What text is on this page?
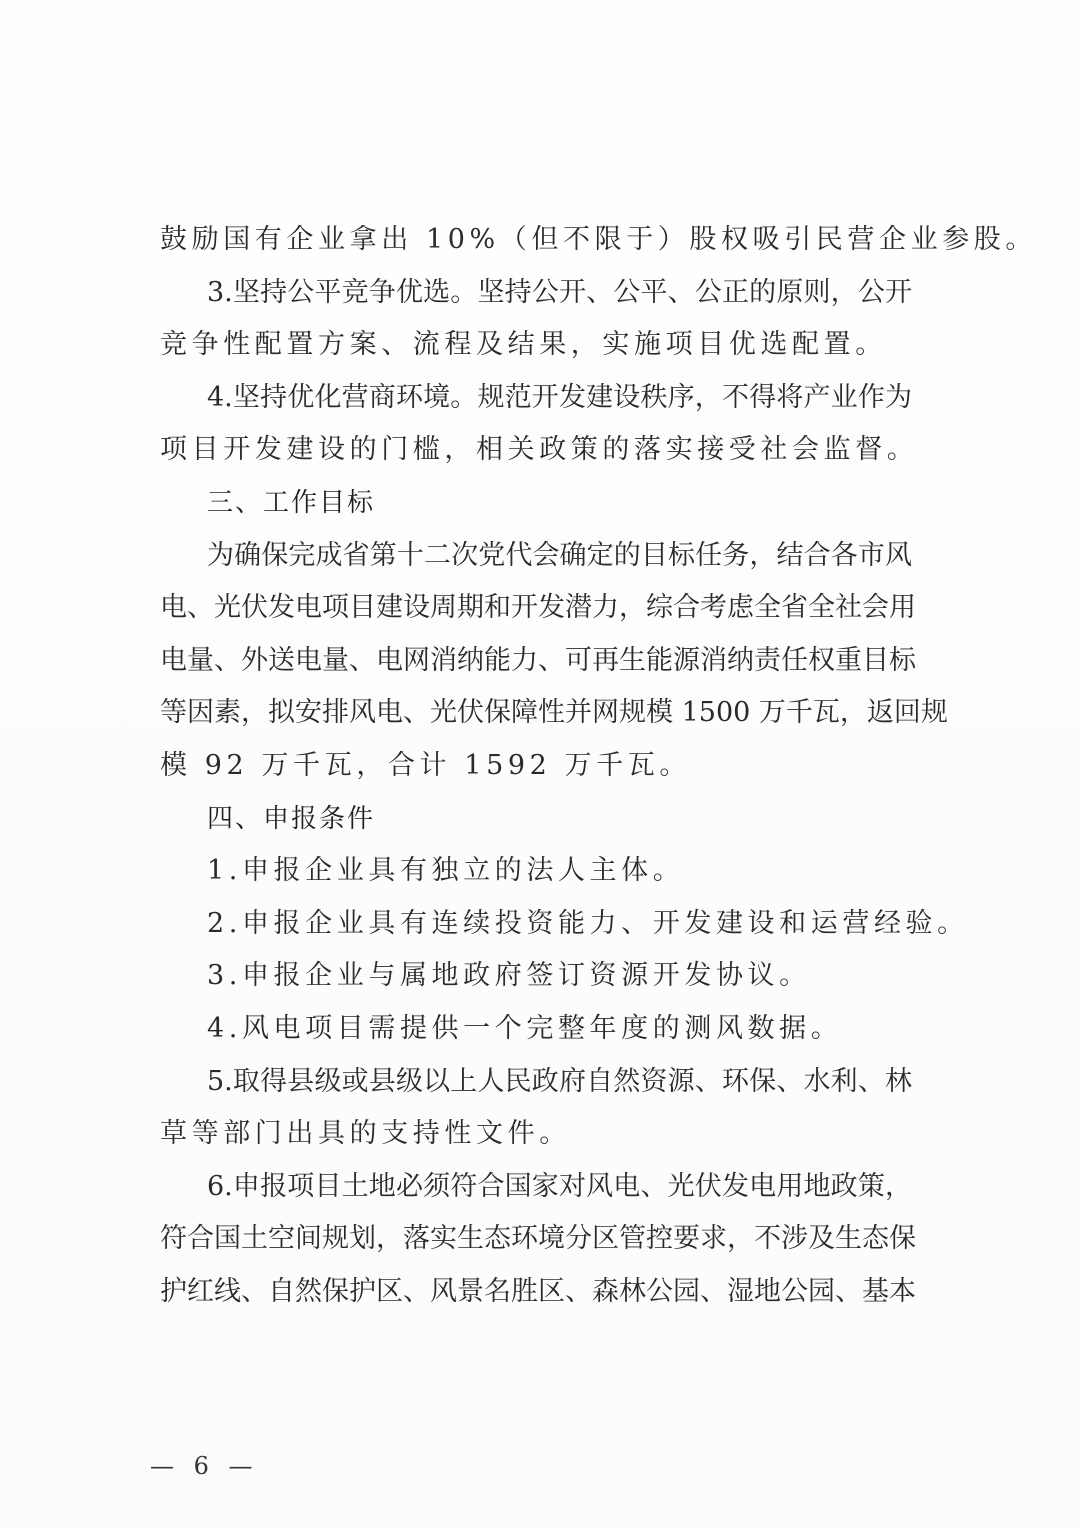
鼓励国有企业拿出 10%（但不限于）股权吸引民营企业参股。
3.坚持公平竞争优选。坚持公开、公平、公正的原则，公开
竞争性配置方案、流程及结果，实施项目优选配置。
4.坚持优化营商环境。规范开发建设秩序，不得将产业作为
项目开发建设的门槛，相关政策的落实接受社会监督。
三、工作目标
为确保完成省第十二次党代会确定的目标任务，结合各市风
电、光伏发电项目建设周期和开发潜力，综合考虑全省全社会用
电量、外送电量、电网消纳能力、可再生能源消纳责任权重目标
等因素，拟安排风电、光伏保障性并网规模 1500 万千瓦，返回规
模 92 万千瓦，合计 1592 万千瓦。
四、申报条件
1.申报企业具有独立的法人主体。
2.申报企业具有连续投资能力、开发建设和运营经验。
3.申报企业与属地政府签订资源开发协议。
4.风电项目需提供一个完整年度的测风数据。
5.取得县级或县级以上人民政府自然资源、环保、水利、林
草等部门出具的支持性文件。
6.申报项目土地必须符合国家对风电、光伏发电用地政策，
符合国土空间规划，落实生态环境分区管控要求，不涉及生态保
护红线、自然保护区、风景名胜区、森林公园、湿地公园、基本
— 6 —
